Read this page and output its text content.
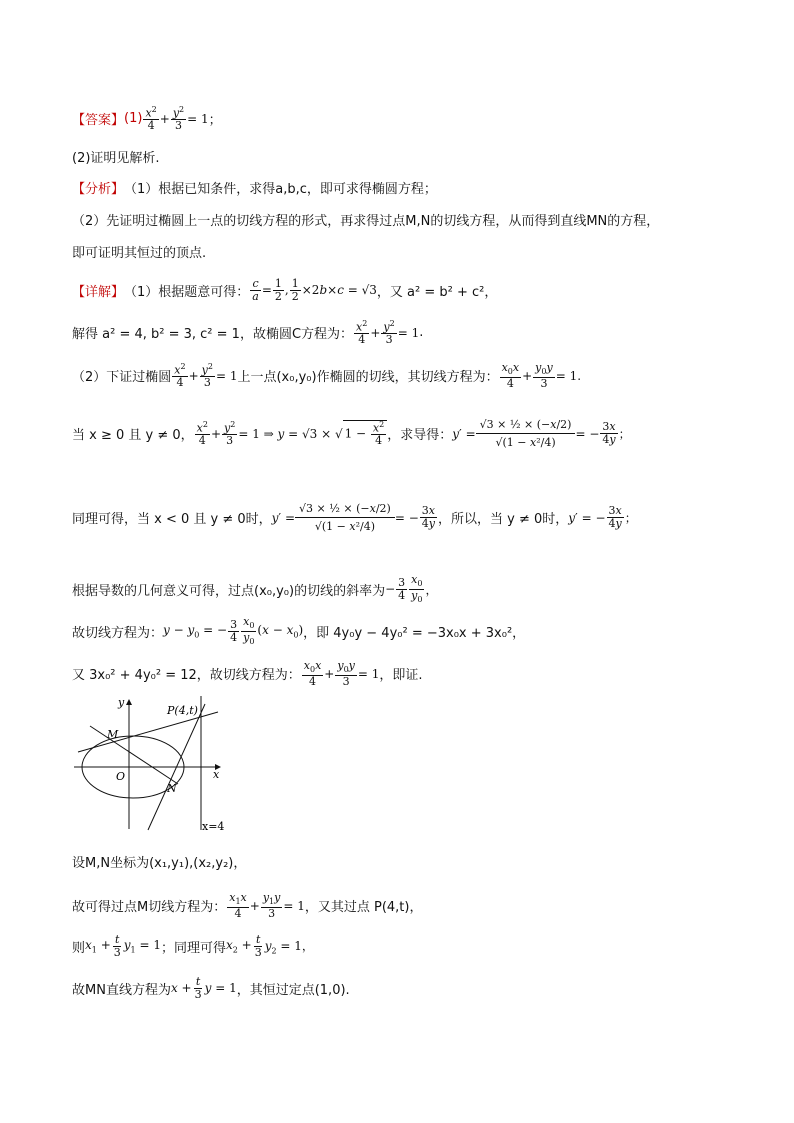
【答案】 $(1) \frac{x^2}{4} + \frac{y^2}{3} = 1$ ；
(2)证明见解析.
【分析】 （1）根据已知条件，求得a,b,c，即可求得椭圆方程；
（2）先证明过椭圆上一点的切线方程的形式，再求得过点M,N的切线方程，从而得到直线MN的方程，
即可证明其恒过的顶点.
【详解】 （1）根据题意可得： $\frac{c}{a} = \frac{1}{2}$ , $\frac{1}{2} \times 2b\times c = √3$ ，又 a² = b² + c²，
解得 a² = 4, b² = 3, c² = 1，故椭圆C方程为： $\frac{x^2}{4} + \frac{y^2}{3} = 1$ .
（2）下证过椭圆 $\frac{x^2}{4} + \frac{y^2}{3} = 1$ 上一点(x₀,y₀)作椭圆的切线，其切线方程为： $\frac{x_0x}{4} + \frac{y_0y}{3} = 1$.
当 x ≥ 0 且 y ≠ 0， $\frac{x^2}{4} + \frac{y^2}{3} = 1$ ⇒ y = √3 × √ $1 - \frac{x^2}{4}$ ，求导得： $y' = \frac{\text{√3 × ½ × (−x/2)}}{\text{√(1 − x²/4)}}$ = − $\frac{3x}{4y}$ ；
同理可得，当 x < 0 且 y ≠ 0时， $y' = \frac{\text{√3 × ½ × (−x/2)}}{\text{√(1 − x²/4)}}$ = − $\frac{3x}{4y}$ ，所以，当 y ≠ 0时， y′ = − $\frac{3x}{4y}$ ；
根据导数的几何意义可得，过点(x₀,y₀)的切线的斜率为 − $\frac{3}{4} \frac{x_0}{y_0}$ ，
故切线方程为： $y - y_0$ = − $\frac{3}{4} \frac{x_0}{y_0} (x - x_0)$ ，即 4y₀y − 4y₀² = −3x₀x + 3x₀²，
又 3x₀² + 4y₀² = 12，故切线方程为： $\frac{x_0x}{4} + \frac{y_0y}{3} = 1$ ，即证.
y
x
O
M
N
P(4,t)
x=4
设M,N坐标为(x₁,y₁),(x₂,y₂)，
故可得过点M切线方程为： $\frac{x_1x}{4} + \frac{y_1y}{3} = 1$ ，又其过点 P(4,t)，
则 $x_1 + \frac{t}{3} y_1 = 1$ ；同理可得 $x_2 + \frac{t}{3} y_2 = 1$，
故MN直线方程为 $x + \frac{t}{3}$ y = 1 ，其恒过定点(1,0).
